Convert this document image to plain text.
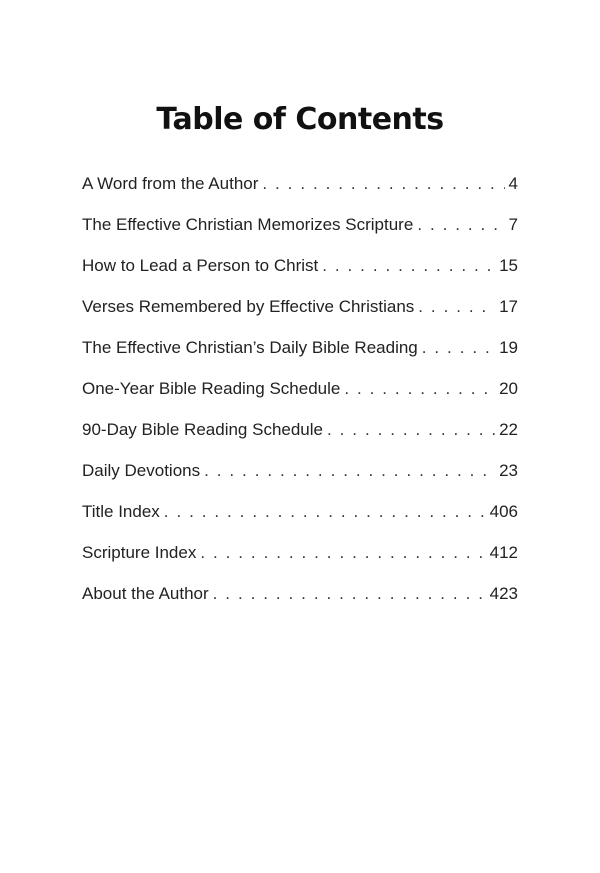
Table of Contents
A Word from the Author . . .	4
The Effective Christian Memorizes Scripture . . .	7
How to Lead a Person to Christ . . .	15
Verses Remembered by Effective Christians . . .	17
The Effective Christian’s Daily Bible Reading . . .	19
One-Year Bible Reading Schedule . . .	20
90-Day Bible Reading Schedule . . .	22
Daily Devotions . . .	23
Title Index . . .	406
Scripture Index . . .	412
About the Author . . .	423
